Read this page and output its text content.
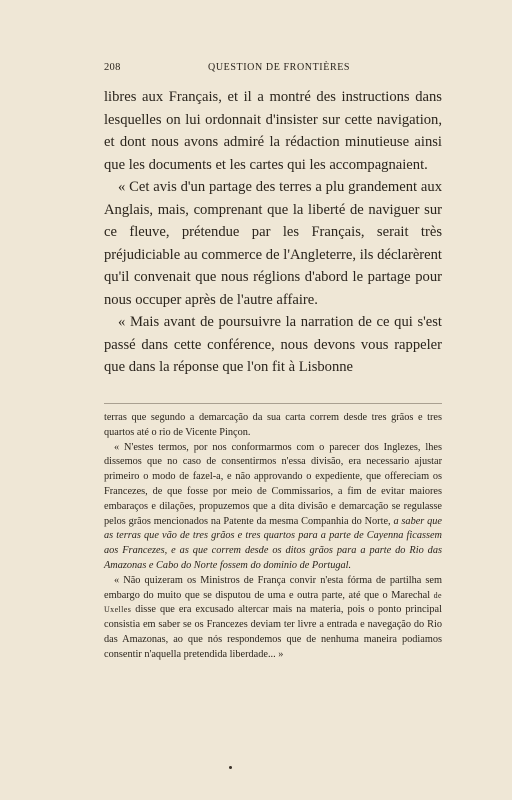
208	QUESTION DE FRONTIÈRES

libres aux Français, et il a montré des instructions dans lesquelles on lui ordonnait d'insister sur cette navigation, et dont nous avons admiré la rédaction minutieuse ainsi que les documents et les cartes qui les accompagnaient.

« Cet avis d'un partage des terres a plu grandement aux Anglais, mais, comprenant que la liberté de naviguer sur ce fleuve, prétendue par les Français, serait très préjudiciable au commerce de l'Angleterre, ils déclarèrent qu'il convenait que nous réglions d'abord le partage pour nous occuper après de l'autre affaire.

« Mais avant de poursuivre la narration de ce qui s'est passé dans cette conférence, nous devons vous rappeler que dans la réponse que l'on fit à Lisbonne

terras que segundo a demarcação da sua carta correm desde tres grãos e tres quartos até o rio de Vicente Pinçon.

« N'estes termos, por nos conformarmos com o parecer dos Inglezes, lhes dissemos que no caso de consentirmos n'essa divisão, era necessario ajustar primeiro o modo de fazel-a, e não approvando o expediente, que offereciam os Francezes, de que fosse por meio de Commissarios, a fim de evitar maiores embaraços e dilações, propuzemos que a dita divisão e demarcação se regulasse pelos grãos mencionados na Patente da mesma Companhia do Norte, a saber que as terras que vão de tres grãos e tres quartos para a parte de Cayenna ficassem aos Francezes, e as que correm desde os ditos grãos para a parte do Rio das Amazonas e Cabo do Norte fossem do dominio de Portugal.

« Não quizeram os Ministros de França convir n'esta fórma de partilha sem embargo do muito que se disputou de uma e outra parte, até que o Marechal de Uxelles disse que era excusado altercar mais na materia, pois o ponto principal consistia em saber se os Francezes deviam ter livre a entrada e navegação do Rio das Amazonas, ao que nós respondemos que de nenhuma maneira podiamos consentir n'aquella pretendida liberdade... »
